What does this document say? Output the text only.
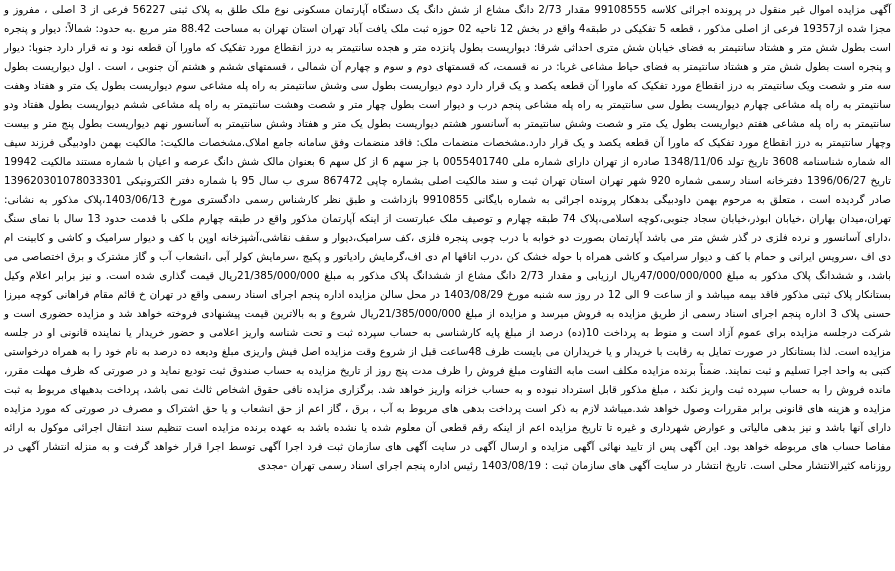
آگهی مزایده اموال غیر منقول در پرونده اجرائی کلاسه 99108555 مقدار 2/73 دانگ مشاع از شش دانگ یک دستگاه آپارتمان مسکونی نوع ملک طلق به پلاک ثبتی 56227 فرعی از 3 اصلی ، مفروز و مجزا شده از19357 فرعی از اصلی مذکور ، قطعه 5 تفکیکی در طبقه4 واقع در بخش 12 ناحیه 02 حوزه ثبت ملک یافت آباد تهران استان تهران به مساحت 88.42 متر مربع .به حدود: شمالاً: دیوار و پنجره است بطول شش متر و هشتاد سانتیمتر به فضای خیابان شش متری احداثی شرقا: دیواریست بطول پانزده متر و هجده سانتیمتر به درز انقطاع مورد تفکیک که ماورا آن قطعه نود و نه قرار دارد جنوبا: دیوار و پنجره است بطول شش متر و هشتاد سانتیمتر به فضای حیاط مشاعی غربا: در نه قسمت، که قسمتهای دوم و سوم و چهارم آن شمالی ، قسمتهای ششم و هشتم آن جنوبی ، است . اول دیواریست بطول سه متر و شصت ویک سانتیمتر به درز انقطاع مورد تفکیک که ماورا آن قطعه یکصد و یک قرار دارد دوم دیواریست بطول سی وشش سانتیمتر به راه پله مشاعی سوم دیواریست بطول یک متر و هفتاد وهفت سانتیمتر به راه پله مشاعی چهارم دیواریست بطول سی سانتیمتر به راه پله مشاعی پنجم درب و دیوار است بطول چهار متر و شصت وهشت سانتیمتر به راه پله مشاعی ششم دیواریست بطول هفتاد ودو سانتیمتر به راه پله مشاعی هفتم دیواریست بطول یک متر و شصت وشش سانتیمتر به آسانسور هشتم دیواریست بطول یک متر و هفتاد وشش سانتیمتر به آسانسور نهم دیواریست بطول پنج متر و بیست وچهار سانتیمتر به درز انقطاع مورد تفکیک که ماورا آن قطعه یکصد و یک قرار دارد.مشخصات منضمات ملک: فاقد منضمات وفق سامانه جامع املاک.مشخصات مالکیت: مالکیت بهمن داودبیگی فرزند سیف اله شماره شناسنامه 3608 تاریخ تولد 1348/11/06 صادره از تهران دارای شماره ملی 0055401740 با جز سهم 6 از کل سهم 6 بعنوان مالک شش دانگ عرصه و اعیان با شماره مستند مالکیت 19942 تاریخ 1396/06/27 دفترخانه اسناد رسمی شماره 920 شهر تهران استان تهران ثبت و سند مالکیت اصلی بشماره چاپی 867472 سری ب سال 95 با شماره دفتر الکترونیکی 139620301078033301 صادر گردیده است ، متعلق به مرحوم بهمن داودبیگی بدهکار پرونده اجرائی به شماره بایگانی 9910855 بازداشت و طبق نظر کارشناس رسمی دادگستری مورخ 1403/06/13،پلاک مذکور به نشانی: تهران،میدان بهاران ،خیابان ابوذر،خیابان سجاد جنوبی،کوچه اسلامی،پلاک 74 طبقه چهارم و توصیف ملک عبارتست از اینکه آپارتمان مذکور واقع در طبقه چهارم ملکی با قدمت حدود 13 سال با نمای سنگ ،دارای آسانسور و نرده فلزی در گذر شش متر می باشد آپارتمان بصورت دو خوابه با درب چوبی پنجره فلزی ،کف سرامیک،دیوار و سقف نقاشی،آشپزخانه اوپن با کف و دیوار سرامیک و کاشی و کابینت ام دی اف ،سرویس ایرانی و حمام با کف و دیوار سرامیک و کاشی همراه با حوله خشک کن ،درب اتاقها ام دی اف،گرمایش رادیاتور و پکیج ،سرمایش کولر آبی ،انشعاب آب و گاز مشترک و برق اختصاصی می باشد، و ششدانگ پلاک مذکور به مبلغ 47/000/000/000ریال ارزیابی و مقدار 2/73 دانگ مشاع از ششدانگ پلاک مذکور به مبلغ 21/385/000/000ریال قیمت گذاری شده است. و نیز برابر اعلام وکیل بستانکار پلاک ثبتی مذکور فاقد بیمه میباشد و از ساعت 9 الی 12 در روز سه شنبه مورخ 1403/08/29 در محل سالن مزایده اداره پنجم اجرای اسناد رسمی واقع در تهران خ قائم مقام فراهانی کوچه میرزا حسنی پلاک 3 اداره پنجم اجرای اسناد رسمی از طریق مزایده به فروش میرسد و مزایده از مبلغ 21/385/000/000ریال شروع و به بالاترین قیمت پیشنهادی فروخته خواهد شد و مزایده حضوری است و شرکت درجلسه مزایده برای عموم آزاد است و منوط به پرداخت 10(ده) درصد از مبلغ پایه کارشناسی به حساب سپرده ثبت و تحت شناسه واریز اعلامی و حضور خریدار یا نماینده قانونی او در جلسه مزایده است. لذا بستانکار در صورت تمایل به رقابت با خریدار و یا خریداران می بایست ظرف 48ساعت قبل از شروع وقت مزایده اصل فیش واریزی مبلغ ودیعه ده درصد به نام خود را به همراه درخواستی کتبی به واحد اجرا تسلیم و ثبت نمایند. ضمناً برنده مزایده مکلف است مابه التفاوت مبلغ فروش را ظرف مدت پنج روز از تاریخ مزایده به حساب صندوق ثبت تودیع نماید و در صورتی که ظرف مهلت مقرر، مانده فروش را به حساب سپرده ثبت واریز نکند ، مبلغ مذکور قابل استرداد نبوده و به حساب خزانه واریز خواهد شد. برگزاری مزایده نافی حقوق اشخاص ثالث نمی باشد، پرداخت بدهیهای مربوط به ثبت مزایده و هزینه های قانونی برابر مقررات وصول خواهد شد.میباشد لازم به ذکر است پرداخت بدهی های مربوط به آب ، برق ، گاز اعم از حق انشعاب و یا حق اشتراک و مصرف در صورتی که مورد مزایده دارای آنها باشد و نیز بدهی مالیاتی و عوارض شهرداری و غیره تا تاریخ مزایده اعم از اینکه رقم قطعی آن معلوم شده یا نشده باشد به عهده برنده مزایده است تنظیم سند انتقال اجرائی موکول به ارائه مفاصا حساب های مربوطه خواهد بود. این آگهی پس از تایید نهائی آگهی مزایده و ارسال آگهی در سایت آگهی های سازمان ثبت فرد اجرا آگهی توسط اجرا قرار خواهد گرفت و به منزله انتشار آگهی در روزنامه کثیرالانتشار محلی است. تاریخ انتشار در سایت آگهی های سازمان ثبت : 1403/08/19 رئیس اداره پنجم اجرای اسناد رسمی تهران -مجدی
